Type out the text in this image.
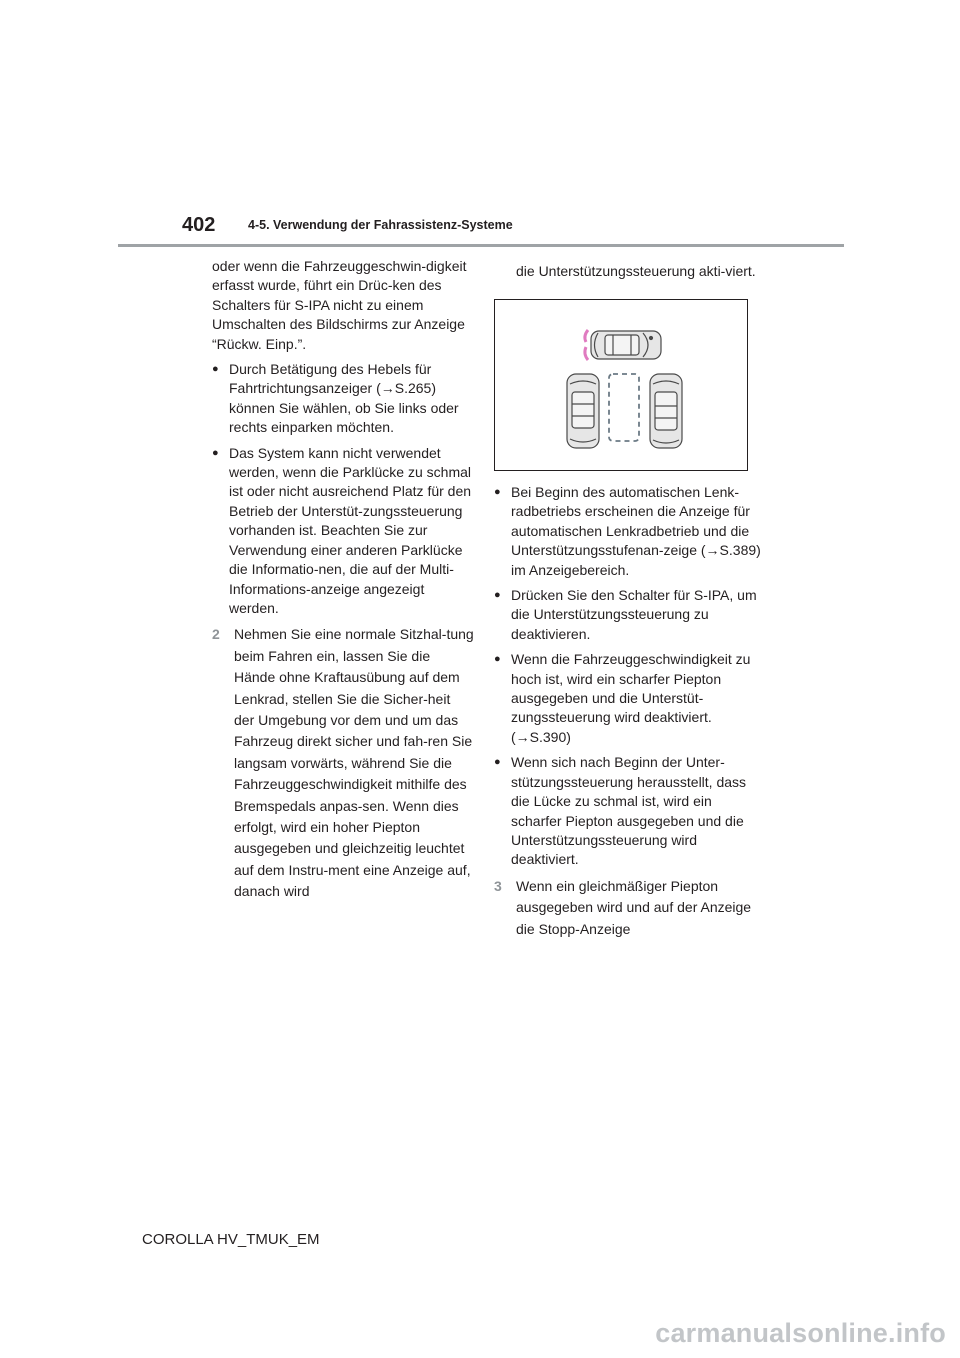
402	4-5. Verwendung der Fahrassistenz-Systeme

oder wenn die Fahrzeuggeschwin-digkeit erfasst wurde, führt ein Drüc-ken des Schalters für S-IPA nicht zu einem Umschalten des Bildschirms zur Anzeige “Rückw. Einp.”.

● Durch Betätigung des Hebels für Fahrtrichtungsanzeiger (→S.265) können Sie wählen, ob Sie links oder rechts einparken möchten.

● Das System kann nicht verwendet werden, wenn die Parklücke zu schmal ist oder nicht ausreichend Platz für den Betrieb der Unterstüt-zungssteuerung vorhanden ist. Beachten Sie zur Verwendung einer anderen Parklücke die Informatio-nen, die auf der Multi-Informations-anzeige angezeigt werden.

2 Nehmen Sie eine normale Sitzhal-tung beim Fahren ein, lassen Sie die Hände ohne Kraftausübung auf dem Lenkrad, stellen Sie die Sicher-heit der Umgebung vor dem und um das Fahrzeug direkt sicher und fah-ren Sie langsam vorwärts, während Sie die Fahrzeuggeschwindigkeit mithilfe des Bremspedals anpas-sen. Wenn dies erfolgt, wird ein hoher Piepton ausgegeben und gleichzeitig leuchtet auf dem Instru-ment eine Anzeige auf, danach wird

die Unterstützungssteuerung akti-viert.

● Bei Beginn des automatischen Lenk-radbetriebs erscheinen die Anzeige für automatischen Lenkradbetrieb und die Unterstützungsstufenan-zeige (→S.389) im Anzeigebereich.

● Drücken Sie den Schalter für S-IPA, um die Unterstützungssteuerung zu deaktivieren.

● Wenn die Fahrzeuggeschwindigkeit zu hoch ist, wird ein scharfer Piepton ausgegeben und die Unterstüt-zungssteuerung wird deaktiviert. (→S.390)

● Wenn sich nach Beginn der Unter-stützungssteuerung herausstellt, dass die Lücke zu schmal ist, wird ein scharfer Piepton ausgegeben und die Unterstützungssteuerung wird deaktiviert.

3 Wenn ein gleichmäßiger Piepton ausgegeben wird und auf der Anzeige die Stopp-Anzeige

COROLLA HV_TMUK_EM
carmanualsonline.info
